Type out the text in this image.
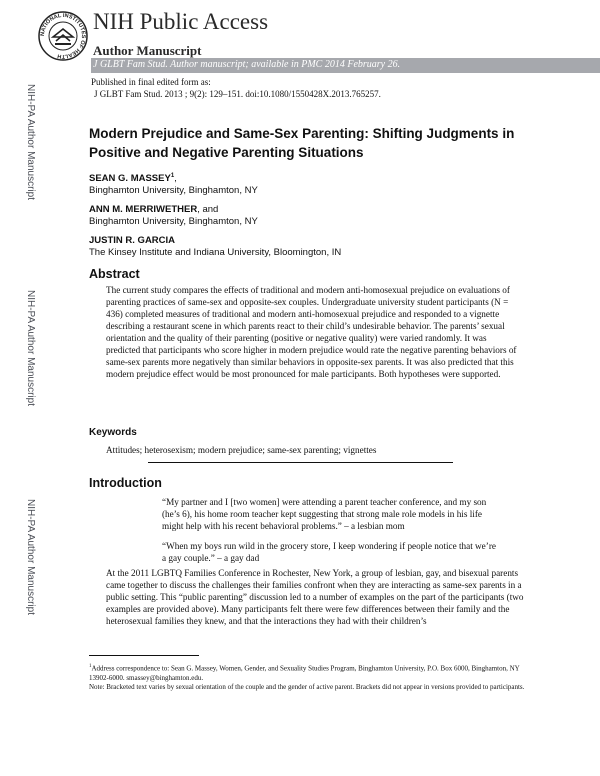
NATIONAL INSTITUTES OF HEALTH
NIH Public Access
Author Manuscript
J GLBT Fam Stud. Author manuscript; available in PMC 2014 February 26.
Published in final edited form as:
J GLBT Fam Stud. 2013 ; 9(2): 129–151. doi:10.1080/1550428X.2013.765257.
NIH-PA Author Manuscript
NIH-PA Author Manuscript
NIH-PA Author Manuscript
Modern Prejudice and Same-Sex Parenting: Shifting Judgments in Positive and Negative Parenting Situations
SEAN G. MASSEY$^1$,
Binghamton University, Binghamton, NY
ANN M. MERRIWETHER, and
Binghamton University, Binghamton, NY
JUSTIN R. GARCIA
The Kinsey Institute and Indiana University, Bloomington, IN
Abstract
The current study compares the effects of traditional and modern anti-homosexual prejudice on evaluations of parenting practices of same-sex and opposite-sex couples. Undergraduate university student participants (N = 436) completed measures of traditional and modern anti-homosexual prejudice and responded to a vignette describing a restaurant scene in which parents react to their child’s undesirable behavior. The parents’ sexual orientation and the quality of their parenting (positive or negative quality) were varied randomly. It was predicted that participants who score higher in modern prejudice would rate the negative parenting behaviors of same-sex parents more negatively than similar behaviors in opposite-sex parents. It was also predicted that this modern prejudice effect would be most pronounced for male participants. Both hypotheses were supported.
Keywords
Attitudes; heterosexism; modern prejudice; same-sex parenting; vignettes
Introduction
“My partner and I [two women] were attending a parent teacher conference, and my son (he’s 6), his home room teacher kept suggesting that strong male role models in his life might help with his recent behavioral problems.” – a lesbian mom
“When my boys run wild in the grocery store, I keep wondering if people notice that we’re a gay couple.” – a gay dad
At the 2011 LGBTQ Families Conference in Rochester, New York, a group of lesbian, gay, and bisexual parents came together to discuss the challenges their families confront when they are interacting as same-sex parents in a public setting. This “public parenting” discussion led to a number of examples on the part of the participants (two examples are provided above). Many participants felt there were few differences between their family and the heterosexual families they knew, and that the interactions they had with their children’s
$^1$Address correspondence to: Sean G. Massey, Women, Gender, and Sexuality Studies Program, Binghamton University, P.O. Box 6000, Binghamton, NY 13902-6000. smassey@binghamton.edu.
Note: Bracketed text varies by sexual orientation of the couple and the gender of active parent. Brackets did not appear in versions provided to participants.
